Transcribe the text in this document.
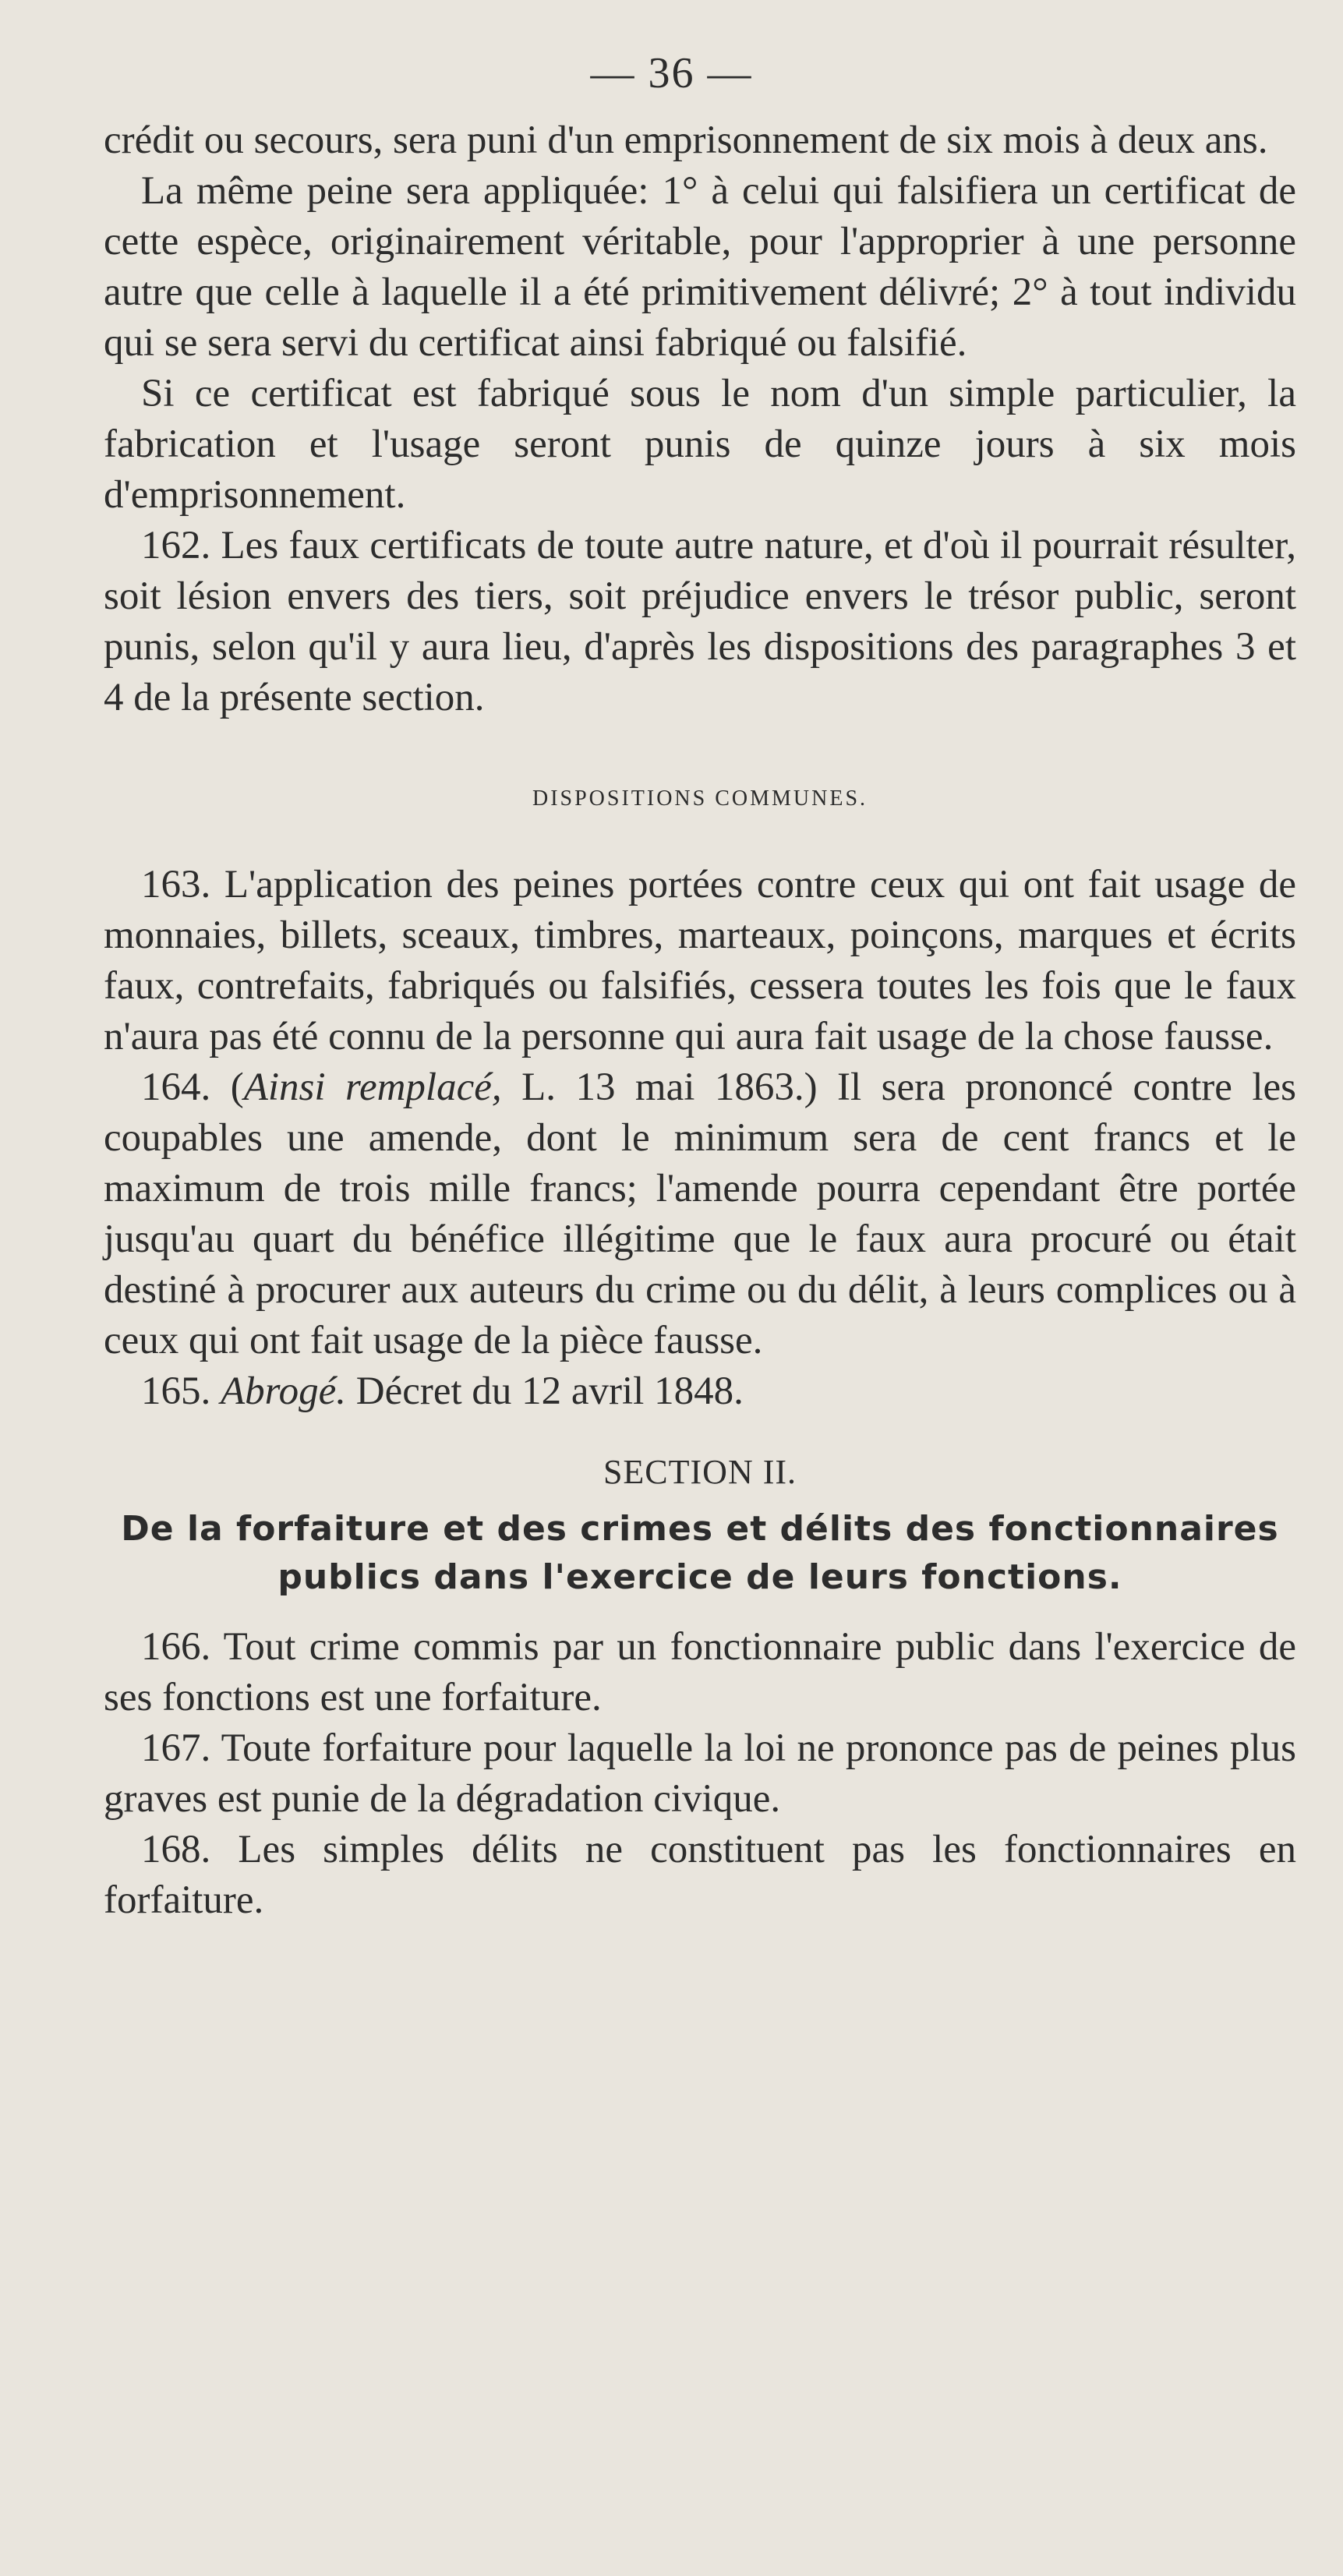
— 36 —

crédit ou secours, sera puni d'un emprisonnement de six mois à deux ans.

La même peine sera appliquée: 1° à celui qui falsifiera un certificat de cette espèce, originairement véritable, pour l'approprier à une personne autre que celle à laquelle il a été primitivement délivré; 2° à tout individu qui se sera servi du certificat ainsi fabriqué ou falsifié.

Si ce certificat est fabriqué sous le nom d'un simple particulier, la fabrication et l'usage seront punis de quinze jours à six mois d'emprisonnement.

162. Les faux certificats de toute autre nature, et d'où il pourrait résulter, soit lésion envers des tiers, soit préjudice envers le trésor public, seront punis, selon qu'il y aura lieu, d'après les dispositions des paragraphes 3 et 4 de la présente section.

DISPOSITIONS COMMUNES.

163. L'application des peines portées contre ceux qui ont fait usage de monnaies, billets, sceaux, timbres, marteaux, poinçons, marques et écrits faux, contrefaits, fabriqués ou falsifiés, cessera toutes les fois que le faux n'aura pas été connu de la personne qui aura fait usage de la chose fausse.

164. (Ainsi remplacé, L. 13 mai 1863.) Il sera prononcé contre les coupables une amende, dont le minimum sera de cent francs et le maximum de trois mille francs; l'amende pourra cependant être portée jusqu'au quart du bénéfice illégitime que le faux aura procuré ou était destiné à procurer aux auteurs du crime ou du délit, à leurs complices ou à ceux qui ont fait usage de la pièce fausse.

165. Abrogé. Décret du 12 avril 1848.

SECTION II.

De la forfaiture et des crimes et délits des fonctionnaires publics dans l'exercice de leurs fonctions.

166. Tout crime commis par un fonctionnaire public dans l'exercice de ses fonctions est une forfaiture.

167. Toute forfaiture pour laquelle la loi ne prononce pas de peines plus graves est punie de la dégradation civique.

168. Les simples délits ne constituent pas les fonctionnaires en forfaiture.
